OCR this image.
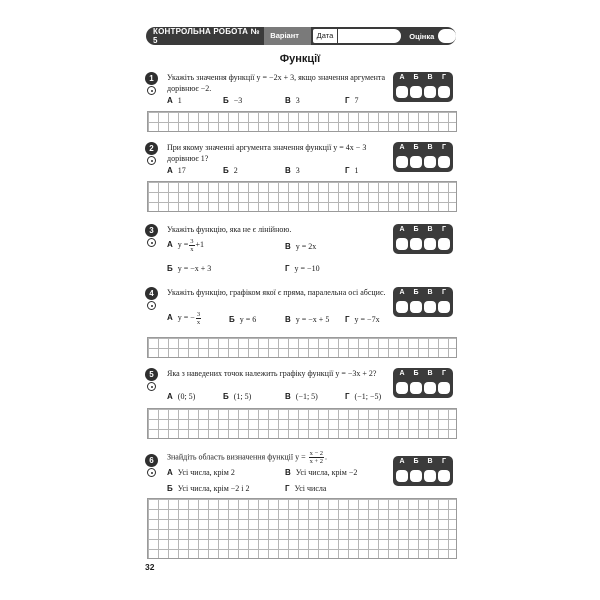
КОНТРОЛЬНА РОБОТА № 5
Варіант 1
Дата	Оцінка
Функції
1	Укажіть значення функції y = −2x + 3, якщо значення аргумента дорівнює −2.
А 1	Б −3	В 3	Г 7
А	Б	В	Г
2	При якому значенні аргумента значення функції y = 4x − 3 дорівнює 1?
А 17	Б 2	В 3	Г 1
А	Б	В	Г
3	Укажіть функцію, яка не є лінійною.
А $y = \frac{3}{x} +1$	В y = 2x
Б y = −x + 3	Г y = −10
А	Б	В	Г
4	Укажіть функцію, графіком якої є пряма, паралельна осі абсцис.
А y = − $\frac{3}{x}$	Б y = 6	В y = −x + 5 Г y = −7x
А	Б	В	Г
5	Яка з наведених точок належить графіку функції y = −3x + 2?
А (0; 5)	Б (1; 5)	В (−1; 5)	Г (−1; −5)
А	Б	В	Г
6	Знайдіть область визначення функції $y = \frac{x - 2}{x + 2}$ .
А Усі числа, крім 2	В Усі числа, крім −2
Б Усі числа, крім −2 і 2	Г Усі числа
А	Б	В	Г
32
